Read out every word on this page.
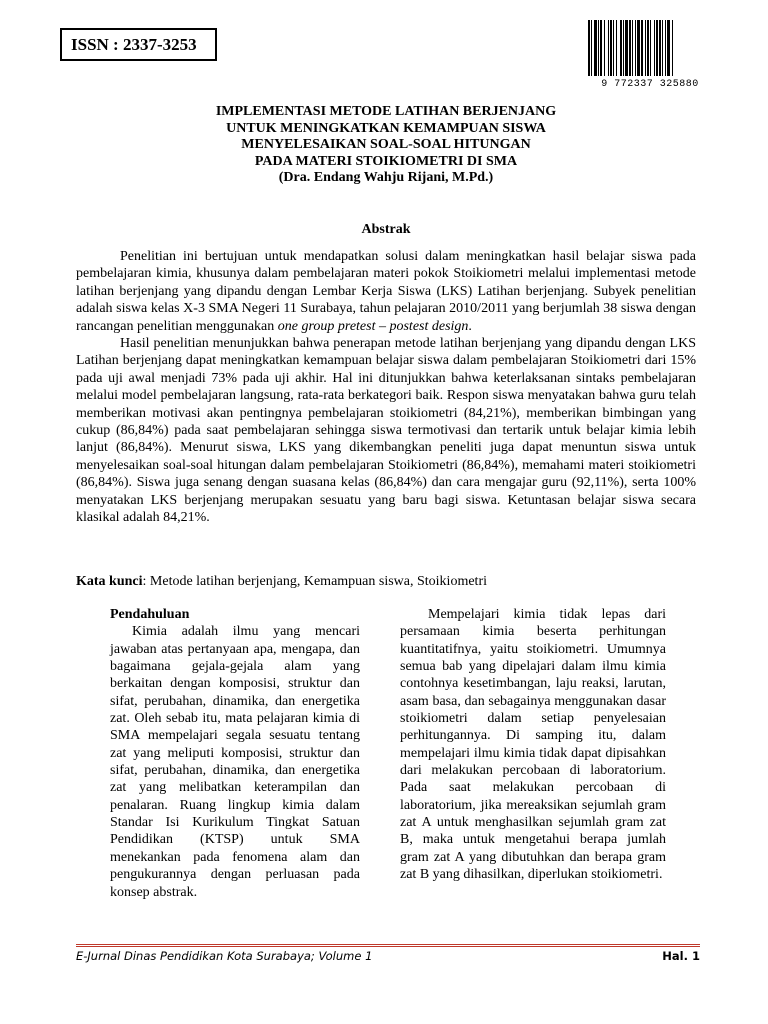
ISSN : 2337-3253
9 772337 325880
IMPLEMENTASI METODE LATIHAN BERJENJANG
UNTUK MENINGKATKAN KEMAMPUAN SISWA
MENYELESAIKAN SOAL-SOAL HITUNGAN
PADA MATERI STOIKIOMETRI DI SMA
(Dra. Endang Wahju Rijani, M.Pd.)
Abstrak

Penelitian ini bertujuan untuk mendapatkan solusi dalam meningkatkan hasil belajar siswa pada pembelajaran kimia, khusunya dalam pembelajaran materi pokok Stoikiometri melalui implementasi metode latihan berjenjang yang dipandu dengan Lembar Kerja Siswa (LKS) Latihan berjenjang. Subyek penelitian adalah siswa kelas X-3 SMA Negeri 11 Surabaya, tahun pelajaran 2010/2011 yang berjumlah 38 siswa dengan rancangan penelitian menggunakan one group pretest – postest design.

Hasil penelitian menunjukkan bahwa penerapan metode latihan berjenjang yang dipandu dengan LKS Latihan berjenjang dapat meningkatkan kemampuan belajar siswa dalam pembelajaran Stoikiometri dari 15% pada uji awal menjadi 73% pada uji akhir. Hal ini ditunjukkan bahwa keterlaksanan sintaks pembelajaran melalui model pembelajaran langsung, rata-rata berkategori baik. Respon siswa menyatakan bahwa guru telah memberikan motivasi akan pentingnya pembelajaran stoikiometri (84,21%), memberikan bimbingan yang cukup (86,84%) pada saat pembelajaran sehingga siswa termotivasi dan tertarik untuk belajar kimia lebih lanjut (86,84%). Menurut siswa, LKS yang dikembangkan peneliti juga dapat menuntun siswa untuk menyelesaikan soal-soal hitungan dalam pembelajaran Stoikiometri (86,84%), memahami materi stoikiometri (86,84%). Siswa juga senang dengan suasana kelas (86,84%) dan cara mengajar guru (92,11%), serta 100% menyatakan LKS berjenjang merupakan sesuatu yang baru bagi siswa. Ketuntasan belajar siswa secara klasikal adalah 84,21%.

Kata kunci: Metode latihan berjenjang, Kemampuan siswa, Stoikiometri
Pendahuluan

Kimia adalah ilmu yang mencari jawaban atas pertanyaan apa, mengapa, dan bagaimana gejala-gejala alam yang berkaitan dengan komposisi, struktur dan sifat, perubahan, dinamika, dan energetika zat. Oleh sebab itu, mata pelajaran kimia di SMA mempelajari segala sesuatu tentang zat yang meliputi komposisi, struktur dan sifat, perubahan, dinamika, dan energetika zat yang melibatkan keterampilan dan penalaran. Ruang lingkup kimia dalam Standar Isi Kurikulum Tingkat Satuan Pendidikan (KTSP) untuk SMA menekankan pada fenomena alam dan pengukurannya dengan perluasan pada konsep abstrak.

Mempelajari kimia tidak lepas dari persamaan kimia beserta perhitungan kuantitatifnya, yaitu stoikiometri. Umumnya semua bab yang dipelajari dalam ilmu kimia contohnya kesetimbangan, laju reaksi, larutan, asam basa, dan sebagainya menggunakan dasar stoikiometri dalam setiap penyelesaian perhitungannya. Di samping itu, dalam mempelajari ilmu kimia tidak dapat dipisahkan dari melakukan percobaan di laboratorium. Pada saat melakukan percobaan di laboratorium, jika mereaksikan sejumlah gram zat A untuk menghasilkan sejumlah gram zat B, maka untuk mengetahui berapa jumlah gram zat A yang dibutuhkan dan berapa gram zat B yang dihasilkan, diperlukan stoikiometri.

E-Jurnal Dinas Pendidikan Kota Surabaya; Volume 1	Hal. 1
